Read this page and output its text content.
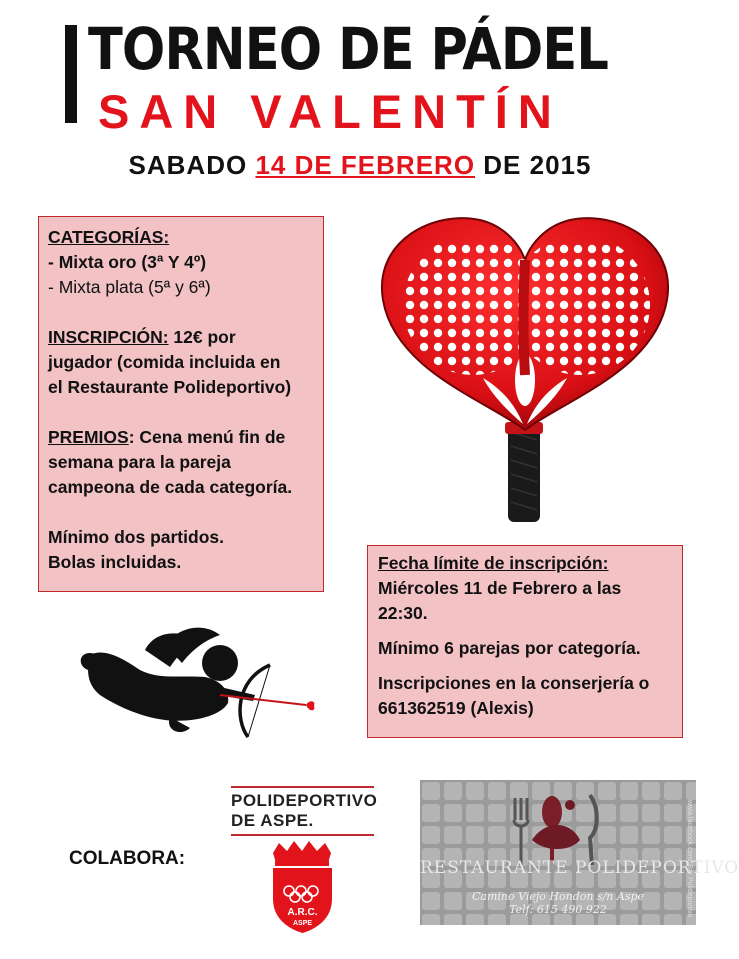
TORNEO DE PÁDEL
SAN VALENTÍN
SABADO 14 DE FEBRERO DE 2015
CATEGORÍAS:
- Mixta oro (3ª Y 4º)
- Mixta plata (5ª y 6ª)
INSCRIPCIÓN: 12€ por
jugador (comida incluida en
el Restaurante Polideportivo)
PREMIOS: Cena menú fin de
semana para la pareja
campeona de cada categoría.
Mínimo dos partidos.
Bolas incluidas.	Fecha límite de inscripción:
Miércoles 11 de Febrero a las
22:30.
Mínimo 6 parejas por categoría.
Inscripciones en la conserjería o
661362519 (Alexis)
COLABORA:
POLIDEPORTIVO
DE ASPE.
A.R.C.
ASPE
RESTAURANTE POLIDEPORTIVO
Camino Viejo Hondon s/n Aspe
Telf: 615 490 922	www.facebook.com/ Bar Polideportivo
